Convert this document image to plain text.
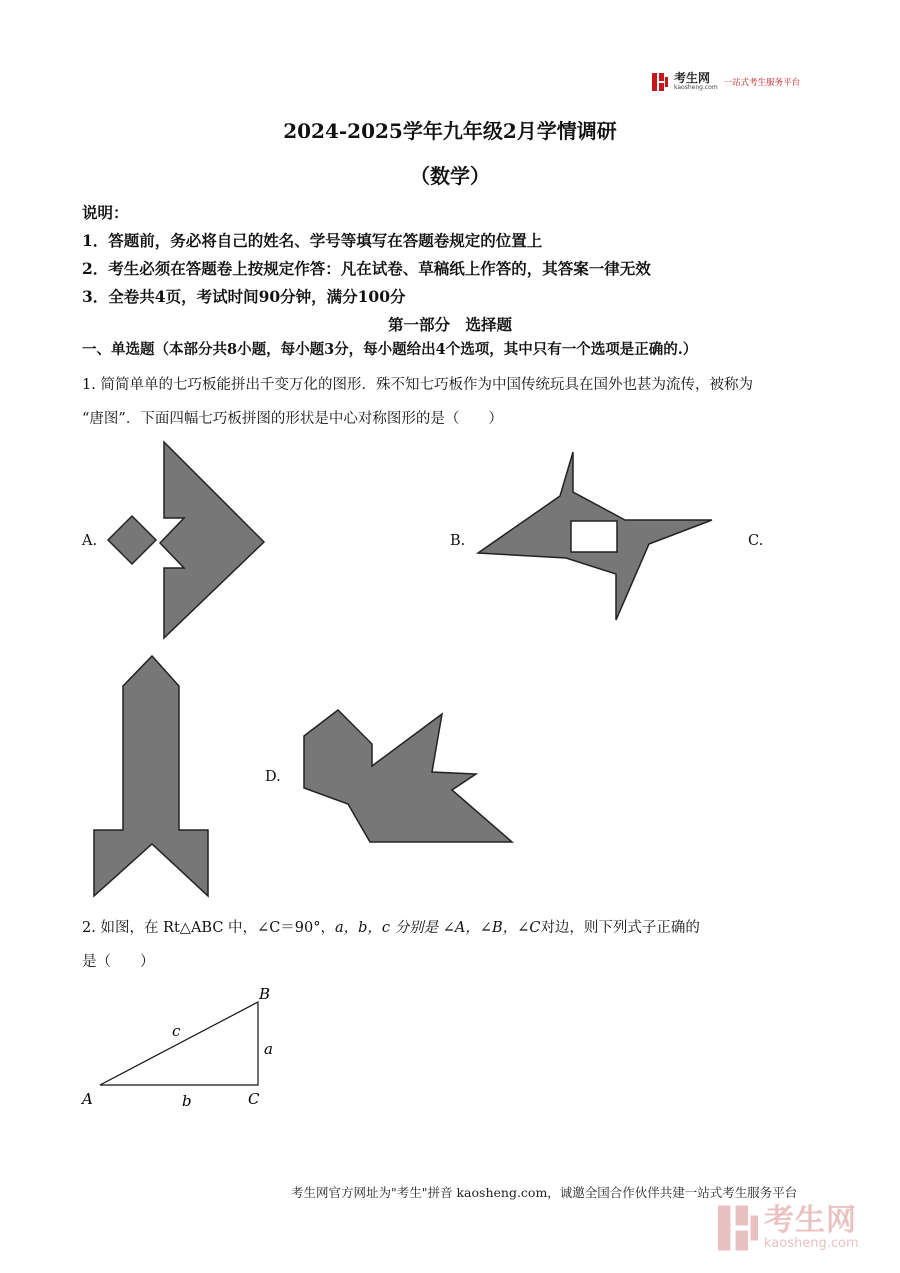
考生网
kaosheng.com 一站式考生服务平台
2024-2025学年九年级2月学情调研
（数学）
说明：
1．答题前，务必将自己的姓名、学号等填写在答题卷规定的位置上
2．考生必须在答题卷上按规定作答：凡在试卷、草稿纸上作答的，其答案一律无效
3．全卷共4页，考试时间90分钟，满分100分
第一部分　选择题
一、单选题（本部分共8小题，每小题3分，每小题给出4个选项，其中只有一个选项是正确的.）
1. 简简单单的七巧板能拼出千变万化的图形．殊不知七巧板作为中国传统玩具在国外也甚为流传，被称为
“唐图”．下面四幅七巧板拼图的形状是中心对称图形的是（　　）
A.	B.	C.
D.
2. 如图，在 Rt△ABC 中，∠C＝90°，a，b，c 分别是 ∠A，∠B，∠C对边，则下列式子正确的
是（　　）
A
B
C
a
b
c
考生网官方网址为"考生"拼音 kaosheng.com，诚邀全国合作伙伴共建一站式考生服务平台
考生网
kaosheng.com
